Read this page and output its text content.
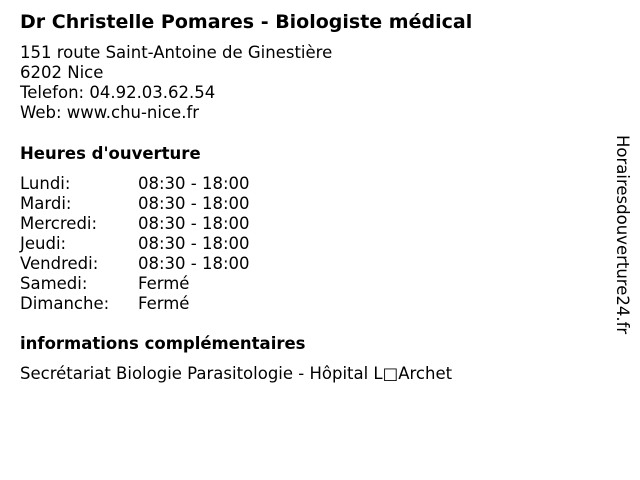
Dr Christelle Pomares - Biologiste médical
151 route Saint-Antoine de Ginestière
6202 Nice
Telefon: 04.92.03.62.54
Web: www.chu-nice.fr
Heures d'ouverture
Lundi:	08:30 - 18:00
Mardi:	08:30 - 18:00
Mercredi:	08:30 - 18:00
Jeudi:	08:30 - 18:00
Vendredi:	08:30 - 18:00
Samedi:	Fermé
Dimanche:	Fermé
informations complémentaires
Secrétariat Biologie Parasitologie - Hôpital L□Archet
Horairesdouverture24.fr
